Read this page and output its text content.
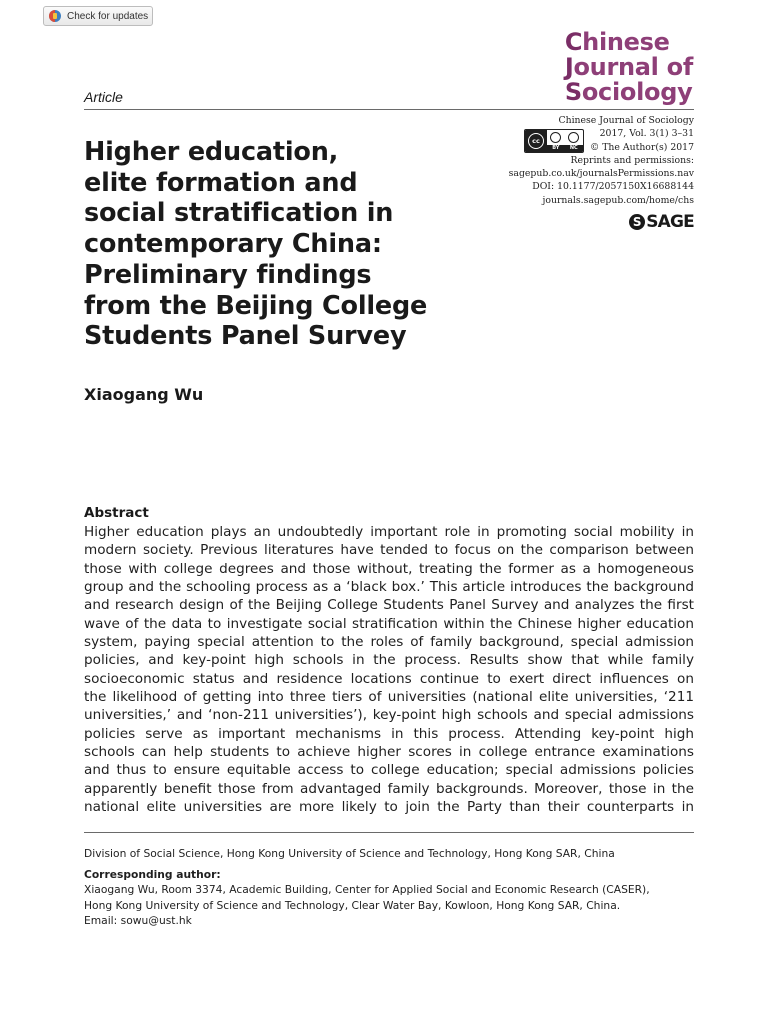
Check for updates
Chinese
Journal of
Sociology
Article
Chinese Journal of Sociology
cc
BY NC
2017, Vol. 3(1) 3–31
© The Author(s) 2017
Reprints and permissions:
sagepub.co.uk/journalsPermissions.nav
DOI: 10.1177/2057150X16688144
journals.sagepub.com/home/chs
S SAGE
Higher education,
elite formation and
social stratification in
contemporary China:
Preliminary findings
from the Beijing College
Students Panel Survey
Xiaogang Wu
Abstract
Higher education plays an undoubtedly important role in promoting social mobility in
modern society. Previous literatures have tended to focus on the comparison between
those with college degrees and those without, treating the former as a homogeneous
group and the schooling process as a ‘black box.’ This article introduces the background
and research design of the Beijing College Students Panel Survey and analyzes the first
wave of the data to investigate social stratification within the Chinese higher education
system, paying special attention to the roles of family background, special admission
policies, and key-point high schools in the process. Results show that while family
socioeconomic status and residence locations continue to exert direct influences on
the likelihood of getting into three tiers of universities (national elite universities, ‘211
universities,’ and ‘non-211 universities’), key-point high schools and special admissions
policies serve as important mechanisms in this process. Attending key-point high
schools can help students to achieve higher scores in college entrance examinations
and thus to ensure equitable access to college education; special admissions policies
apparently benefit those from advantaged family backgrounds. Moreover, those in the
national elite universities are more likely to join the Party than their counterparts in
Division of Social Science, Hong Kong University of Science and Technology, Hong Kong SAR, China
Corresponding author:
Xiaogang Wu, Room 3374, Academic Building, Center for Applied Social and Economic Research (CASER),
Hong Kong University of Science and Technology, Clear Water Bay, Kowloon, Hong Kong SAR, China.
Email: sowu@ust.hk
